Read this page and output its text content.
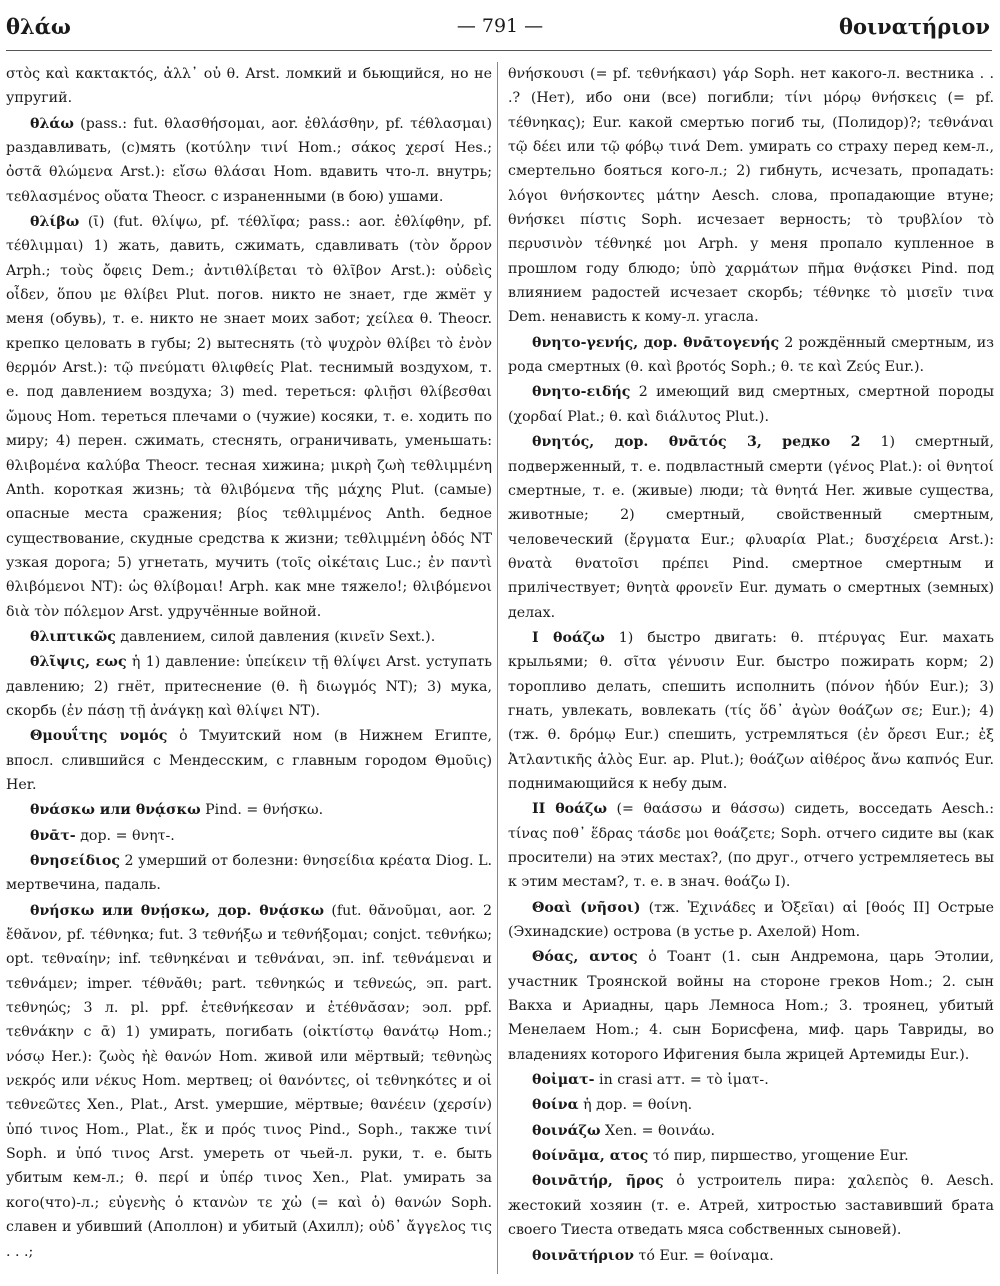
θλάω	— 791 —	θοινατήριον

στὸς καὶ κακτακτός, ἀλλ᾽ οὐ θ. Arst. ломкий и бьющийся, но не упругий.

θλάω (pass.: fut. θλασθήσομαι, aor. ἐθλάσθην, pf. τέθλασμαι) раздавливать, (с)мять (κοτύλην τινί Hom.; σάκος χερσί Hes.; ὀστᾶ θλώμενα Arst.): εἴσω θλάσαι Hom. вдавить что-л. внутрь; τεθλασμένος οὔατα Theocr. с израненными (в бою) ушами.

θλίβω (ῑ) (fut. θλίψω, pf. τέθλῐφα; pass.: aor. ἐθλίφθην, pf. τέθλιμμαι) 1) жать, давить, сжимать, сдавливать (τὸν ὄρρον Arph.; τοὺς ὄφεις Dem.; ἀντιθλίβεται τὸ θλῖβον Arst.): οὐδεὶς οἶδεν, ὅπου με θλίβει Plut. погов. никто не знает, где жмёт у меня (обувь), т. е. никто не знает моих забот; χείλεα θ. Theocr. крепко целовать в губы; 2) вытеснять (τὸ ψυχρὸν θλίβει τὸ ἐνὸν θερμόν Arst.): τῷ πνεύματι θλιφθείς Plat. теснимый воздухом, т. е. под давлением воздуха; 3) med. тереться: φλιῇσι θλίβεσθαι ὤμους Hom. тереться плечами о (чужие) косяки, т. е. ходить по миру; 4) перен. сжимать, стеснять, ограничивать, уменьшать: θλιβομένα καλύβα Theocr. тесная хижина; μικρὴ ζωὴ τεθλιμμένη Anth. короткая жизнь; τὰ θλιβόμενα τῆς μάχης Plut. (самые) опасные места сражения; βίος τεθλιμμένος Anth. бедное существование, скудные средства к жизни; τεθλιμμένη ὁδός NT узкая дорога; 5) угнетать, мучить (τοῖς οἰκέταις Luc.; ἐν παντὶ θλιβόμενοι NT): ὡς θλίβομαι! Arph. как мне тяжело!; θλιβόμενοι διὰ τὸν πόλεμον Arst. удручённые войной.

θλιπτικῶς давлением, силой давления (κινεῖν Sext.).

θλῖψις, εως ἡ 1) давление: ὑπείκειν τῇ θλίψει Arst. уступать давлению; 2) гнёт, притеснение (θ. ἢ διωγμός NT); 3) мука, скорбь (ἐν πάσῃ τῇ ἀνάγκῃ καὶ θλίψει NT).

Θμουΐτης νομός ὁ Тмуитский ном (в Нижнем Египте, впосл. слившийся с Мендесским, с главным городом Θμοῦις) Her.

θνάσκω или θνᾴσκω Pind. = θνήσκω.

θνᾱτ- дор. = θνητ-.

θνησείδιος 2 умерший от болезни: θνησείδια κρέατα Diog. L. мертвечина, падаль.

θνήσκω или θνῄσκω, дор. θνᾴσκω (fut. θᾰνοῦμαι, aor. 2 ἔθᾰνον, pf. τέθνηκα; fut. 3 τεθνήξω и τεθνήξομαι; conjct. τεθνήκω; opt. τεθναίην; inf. τεθνηκέναι и τεθνάναι, эп. inf. τεθνάμεναι и τεθνάμεν; imper. τέθνᾰθι; part. τεθνηκώς и τεθνεώς, эп. part. τεθνηώς; 3 л. pl. ppf. ἐτεθνήκεσαν и ἐτέθνᾰσαν; эол. ppf. τεθνάκην с ᾱ) 1) умирать, погибать (οἰκτίστῳ θανάτῳ Hom.; νόσῳ Her.): ζωὸς ἠὲ θανών Hom. живой или мёртвый; τεθνηὼς νεκρός или νέκυς Hom. мертвец; οἱ θανόντες, οἱ τεθνηκότες и οἱ τεθνεῶτες Xen., Plat., Arst. умершие, мёртвые; θανέειν (χερσίν) ὑπό τινος Hom., Plat., ἔκ и πρός τινος Pind., Soph., также τινί Soph. и ὑπό τινος Arst. умереть от чьей-л. руки, т. е. быть убитым кем-л.; θ. περί и ὑπέρ τινος Xen., Plat. умирать за кого(что)-л.; εὐγενὴς ὁ κτανὼν τε χὠ (= καὶ ὁ) θανών Soph. славен и убивший (Аполлон) и убитый (Ахилл); οὐδ᾽ ἄγγελος τις . . .;

θνήσκουσι (= pf. τεθνήκασι) γάρ Soph. нет какого-л. вестника . . .? (Нет), ибо они (все) погибли; τίνι μόρῳ θνήσκεις (= pf. τέθνηκας); Eur. какой смертью погиб ты, (Полидор)?; τεθνάναι τῷ δέει или τῷ φόβῳ τινά Dem. умирать со страху перед кем-л., смертельно бояться кого-л.; 2) гибнуть, исчезать, пропадать: λόγοι θνήσκοντες μάτην Aesch. слова, пропадающие втуне; θνήσκει πίστις Soph. исчезает верность; τὸ τρυβλίον τὸ περυσινὸν τέθνηκέ μοι Arph. у меня пропало купленное в прошлом году блюдо; ὑπὸ χαρμάτων πῆμα θνᾴσκει Pind. под влиянием радостей исчезает скорбь; τέθνηκε τὸ μισεῖν τινα Dem. ненависть к кому-л. угасла.

θνητο-γενής, дор. θνᾱτογενής 2 рождённый смертным, из рода смертных (θ. καὶ βροτός Soph.; θ. τε καὶ Ζεύς Eur.).

θνητο-ειδής 2 имеющий вид смертных, смертной породы (χορδαί Plat.; θ. καὶ διάλυτος Plut.).

θνητός, дор. θνᾱτός 3, редко 2 1) смертный, подверженный, т. е. подвластный смерти (γένος Plat.): οἱ θνητοί смертные, т. е. (живые) люди; τὰ θνητά Her. живые существа, животные; 2) смертный, свойственный смертным, человеческий (ἔργματα Eur.; φλυαρία Plat.; δυσχέρεια Arst.): θνατὰ θνατοῖσι πρέπει Pind. смертное смертным и прилічествует; θνητὰ φρονεῖν Eur. думать о смертных (земных) делах.

I θοάζω 1) быстро двигать: θ. πτέρυγας Eur. махать крыльями; θ. σῖτα γένυσιν Eur. быстро пожирать корм; 2) торопливо делать, спешить исполнить (πόνον ἡδύν Eur.); 3) гнать, увлекать, вовлекать (τίς ὅδ᾽ ἀγὼν θοάζων σε; Eur.); 4) (тж. θ. δρόμῳ Eur.) спешить, устремляться (ἐν ὄρεσι Eur.; ἐξ Ἀτλαντικῆς ἁλὸς Eur. ap. Plut.); θοάζων αἰθέρος ἄνω καπνός Eur. поднимающийся к небу дым.

II θοάζω (= θαάσσω и θάσσω) сидеть, восседать Aesch.: τίνας ποθ᾽ ἕδρας τάσδε μοι θοάζετε; Soph. отчего сидите вы (как просители) на этих местах?, (по друг., отчего устремляетесь вы к этим местам?, т. е. в знач. θοάζω I).

Θοαὶ (νῆσοι) (тж. Ἐχινάδες и Ὀξεῖαι) αἱ [θοός II] Острые (Эхинадские) острова (в устье р. Ахелой) Hom.

Θόας, αντος ὁ Тоант (1. сын Андремона, царь Этолии, участник Троянской войны на стороне греков Hom.; 2. сын Вакха и Ариадны, царь Лемноса Hom.; 3. троянец, убитый Менелаем Hom.; 4. сын Борисфена, миф. царь Тавриды, во владениях которого Ифигения была жрицей Артемиды Eur.).

θοἰματ- in crasi атт. = τὸ ἱματ-.

θοίνα ἡ дор. = θοίνη.

θοινάζω Xen. = θοινάω.

θοίνᾱμα, ατος τό пир, пиршество, угощение Eur.

θοινᾱτήρ, ῆρος ὁ устроитель пира: χαλεπὸς θ. Aesch. жестокий хозяин (т. е. Атрей, хитростью заставивший брата своего Тиеста отведать мяса собственных сыновей).

θοινᾱτήριον τό Eur. = θοίναμα.
